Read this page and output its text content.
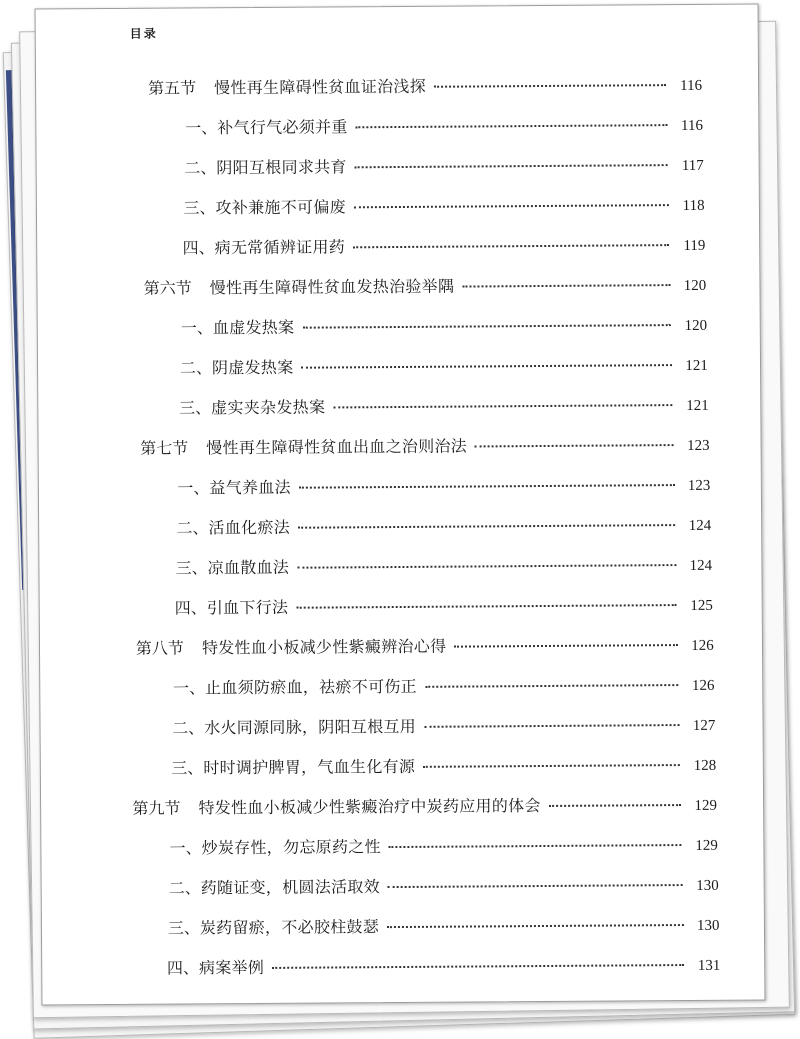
目录
第五节 慢性再生障碍性贫血证治浅探	116
一、 补气行气必须并重	116
二、 阴阳互根同求共育	117
三、 攻补兼施不可偏废	118
四、 病无常循辨证用药	119
第六节 慢性再生障碍性贫血发热治验举隅	120
一、 血虚发热案	120
二、 阴虚发热案	121
三、 虚实夹杂发热案	121
第七节 慢性再生障碍性贫血出血之治则治法	123
一、 益气养血法	123
二、 活血化瘀法	124
三、 凉血散血法	124
四、 引血下行法	125
第八节 特发性血小板减少性紫癜辨治心得	126
一、 止血须防瘀血，祛瘀不可伤正	126
二、 水火同源同脉，阴阳互根互用	127
三、 时时调护脾胃，气血生化有源	128
第九节 特发性血小板减少性紫癜治疗中炭药应用的体会	129
一、 炒炭存性，勿忘原药之性	129
二、 药随证变，机圆法活取效	130
三、 炭药留瘀，不必胶柱鼓瑟	130
四、 病案举例	131
